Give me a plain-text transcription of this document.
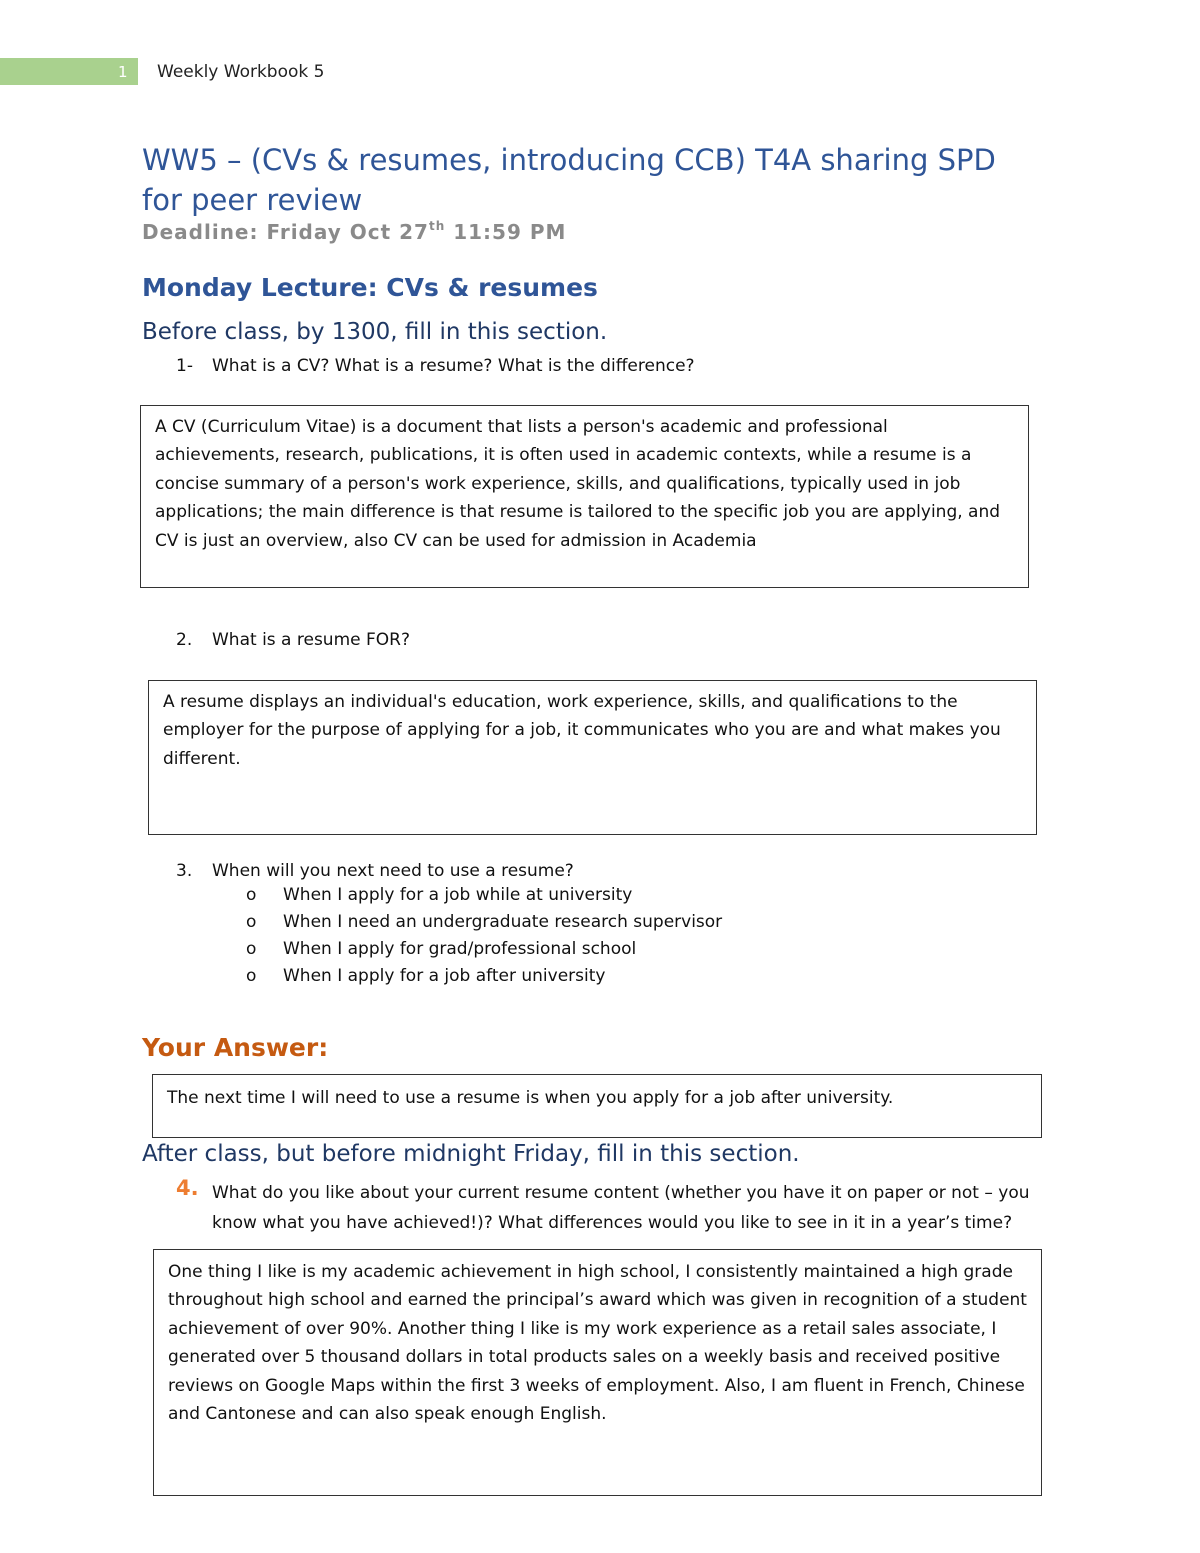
1 Weekly Workbook 5
WW5 – (CVs & resumes, introducing CCB) T4A sharing SPD for peer review
Deadline: Friday Oct 27th 11:59 PM
Monday Lecture: CVs & resumes
Before class, by 1300, fill in this section.
1- What is a CV? What is a resume? What is the difference?
A CV (Curriculum Vitae) is a document that lists a person's academic and professional achievements, research, publications, it is often used in academic contexts, while a resume is a concise summary of a person's work experience, skills, and qualifications, typically used in job applications; the main difference is that resume is tailored to the specific job you are applying, and CV is just an overview, also CV can be used for admission in Academia
2. What is a resume FOR?
A resume displays an individual's education, work experience, skills, and qualifications to the employer for the purpose of applying for a job, it communicates who you are and what makes you different.
3. When will you next need to use a resume?
o When I apply for a job while at university
o When I need an undergraduate research supervisor
o When I apply for grad/professional school
o When I apply for a job after university
Your Answer:
The next time I will need to use a resume is when you apply for a job after university.
After class, but before midnight Friday, fill in this section.
4. What do you like about your current resume content (whether you have it on paper or not – you know what you have achieved!)? What differences would you like to see in it in a year’s time?
One thing I like is my academic achievement in high school, I consistently maintained a high grade throughout high school and earned the principal’s award which was given in recognition of a student achievement of over 90%. Another thing I like is my work experience as a retail sales associate, I generated over 5 thousand dollars in total products sales on a weekly basis and received positive reviews on Google Maps within the first 3 weeks of employment. Also, I am fluent in French, Chinese and Cantonese and can also speak enough English.
